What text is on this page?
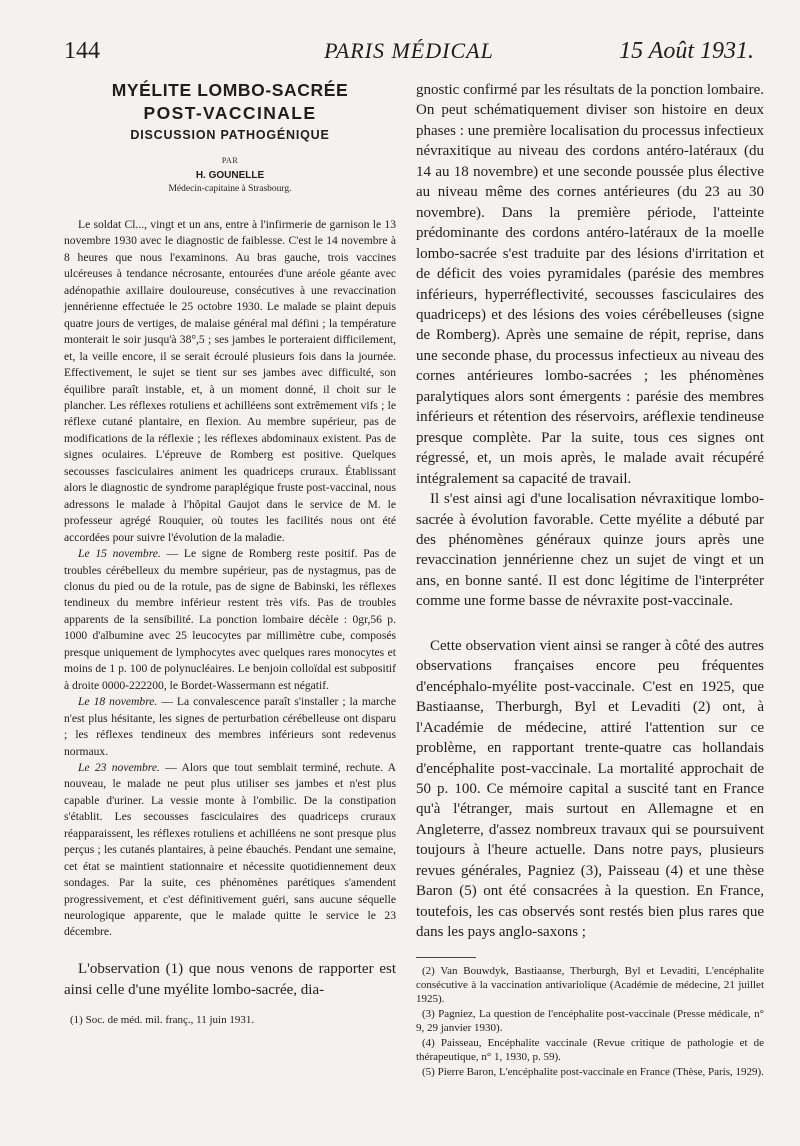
144	PARIS MÉDICAL	15 Août 1931.
MYÉLITE LOMBO-SACRÉE
POST-VACCINALE
DISCUSSION PATHOGÉNIQUE
PAR
H. GOUNELLE
Médecin-capitaine à Strasbourg.

Le soldat Cl..., vingt et un ans, entre à l'infirmerie de garnison le 13 novembre 1930 avec le diagnostic de faiblesse. C'est le 14 novembre à 8 heures que nous l'examinons. Au bras gauche, trois vaccines ulcéreuses à tendance nécrosante, entourées d'une aréole géante avec adénopathie axillaire douloureuse, consécutives à une revaccination jennérienne effectuée le 25 octobre 1930. Le malade se plaint depuis quatre jours de vertiges, de malaise général mal défini ; la température monterait le soir jusqu'à 38°,5 ; ses jambes le porteraient difficilement, et, la veille encore, il se serait écroulé plusieurs fois dans la journée. Effectivement, le sujet se tient sur ses jambes avec difficulté, son équilibre paraît instable, et, à un moment donné, il choit sur le plancher. Les réflexes rotuliens et achilléens sont extrêmement vifs ; le réflexe cutané plantaire, en flexion. Au membre supérieur, pas de modifications de la réflexie ; les réflexes abdominaux existent. Pas de signes oculaires. L'épreuve de Romberg est positive. Quelques secousses fasciculaires animent les quadriceps cruraux. Établissant alors le diagnostic de syndrome paraplégique fruste post-vaccinal, nous adressons le malade à l'hôpital Gaujot dans le service de M. le professeur agrégé Rouquier, où toutes les facilités nous ont été accordées pour suivre l'évolution de la maladie.

Le 15 novembre. — Le signe de Romberg reste positif. Pas de troubles cérébelleux du membre supérieur, pas de nystagmus, pas de clonus du pied ou de la rotule, pas de signe de Babinski, les réflexes tendineux du membre inférieur restent très vifs. Pas de troubles apparents de la sensibilité. La ponction lombaire décèle : 0gr,56 p. 1000 d'albumine avec 25 leucocytes par millimètre cube, composés presque uniquement de lymphocytes avec quelques rares monocytes et moins de 1 p. 100 de polynucléaires. Le benjoin colloïdal est subpositif à droite 0000-222200, le Bordet-Wassermann est négatif.

Le 18 novembre. — La convalescence paraît s'installer ; la marche n'est plus hésitante, les signes de perturbation cérébelleuse ont disparu ; les réflexes tendineux des membres inférieurs sont redevenus normaux.

Le 23 novembre. — Alors que tout semblait terminé, rechute. A nouveau, le malade ne peut plus utiliser ses jambes et n'est plus capable d'uriner. La vessie monte à l'ombilic. De la constipation s'établit. Les secousses fasciculaires des quadriceps cruraux réapparaissent, les réflexes rotuliens et achilléens ne sont presque plus perçus ; les cutanés plantaires, à peine ébauchés. Pendant une semaine, cet état se maintient stationnaire et nécessite quotidiennement deux sondages. Par la suite, ces phénomènes parétiques s'amendent progressivement, et c'est définitivement guéri, sans aucune séquelle neurologique apparente, que le malade quitte le service le 23 décembre.

L'observation (1) que nous venons de rapporter est ainsi celle d'une myélite lombo-sacrée, dia-
(1) Soc. de méd. mil. franç., 11 juin 1931.

gnostic confirmé par les résultats de la ponction lombaire. On peut schématiquement diviser son histoire en deux phases : une première localisation du processus infectieux névraxitique au niveau des cordons antéro-latéraux (du 14 au 18 novembre) et une seconde poussée plus élective au niveau même des cornes antérieures (du 23 au 30 novembre). Dans la première période, l'atteinte prédominante des cordons antéro-latéraux de la moelle lombo-sacrée s'est traduite par des lésions d'irritation et de déficit des voies pyramidales (parésie des membres inférieurs, hyperréflectivité, secousses fasciculaires des quadriceps) et des lésions des voies cérébelleuses (signe de Romberg). Après une semaine de répit, reprise, dans une seconde phase, du processus infectieux au niveau des cornes antérieures lombo-sacrées ; les phénomènes paralytiques alors sont émergents : parésie des membres inférieurs et rétention des réservoirs, aréflexie tendineuse presque complète. Par la suite, tous ces signes ont régressé, et, un mois après, le malade avait récupéré intégralement sa capacité de travail.

Il s'est ainsi agi d'une localisation névraxitique lombo-sacrée à évolution favorable. Cette myélite a débuté par des phénomènes généraux quinze jours après une revaccination jennérienne chez un sujet de vingt et un ans, en bonne santé. Il est donc légitime de l'interpréter comme une forme basse de névraxite post-vaccinale.

Cette observation vient ainsi se ranger à côté des autres observations françaises encore peu fréquentes d'encéphalo-myélite post-vaccinale. C'est en 1925, que Bastiaanse, Therburgh, Byl et Levaditi (2) ont, à l'Académie de médecine, attiré l'attention sur ce problème, en rapportant trente-quatre cas hollandais d'encéphalite post-vaccinale. La mortalité approchait de 50 p. 100. Ce mémoire capital a suscité tant en France qu'à l'étranger, mais surtout en Allemagne et en Angleterre, d'assez nombreux travaux qui se poursuivent toujours à l'heure actuelle. Dans notre pays, plusieurs revues générales, Pagniez (3), Paisseau (4) et une thèse Baron (5) ont été consacrées à la question. En France, toutefois, les cas observés sont restés bien plus rares que dans les pays anglo-saxons ;

(2) Van Bouwdyk, Bastiaanse, Therburgh, Byl et Levaditi, L'encéphalite consécutive à la vaccination antivariolique (Académie de médecine, 21 juillet 1925).

(3) Pagniez, La question de l'encéphalite post-vaccinale (Presse médicale, n° 9, 29 janvier 1930).

(4) Paisseau, Encéphalite vaccinale (Revue critique de pathologie et de thérapeutique, n° 1, 1930, p. 59).

(5) Pierre Baron, L'encéphalite post-vaccinale en France (Thèse, Paris, 1929).
